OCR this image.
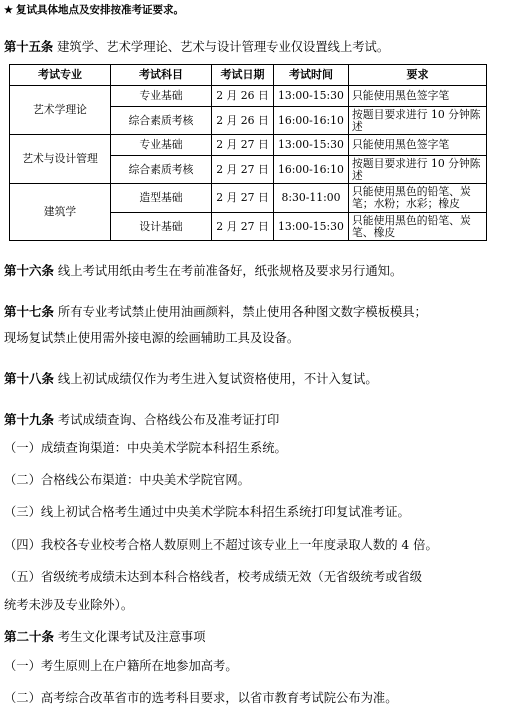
★ 复试具体地点及安排按准考证要求。
第十五条 建筑学、艺术学理论、艺术与设计管理专业仅设置线上考试。
考试专业	考试科目	考试日期	考试时间	要求
艺术学理论	专业基础	2 月 26 日	13:00-15:30	只能使用黑色签字笔
	综合素质考核	2 月 26 日	16:00-16:10	按题目要求进行 10 分钟陈述
艺术与设计管理	专业基础	2 月 27 日	13:00-15:30	只能使用黑色签字笔
	综合素质考核	2 月 27 日	16:00-16:10	按题目要求进行 10 分钟陈述
建筑学	造型基础	2 月 27 日	8:30-11:00	只能使用黑色的铅笔、炭笔；水粉；水彩；橡皮
	设计基础	2 月 27 日	13:00-15:30	只能使用黑色的铅笔、炭笔、橡皮
第十六条 线上考试用纸由考生在考前准备好，纸张规格及要求另行通知。
第十七条 所有专业考试禁止使用油画颜料，禁止使用各种图文数字模板模具；
现场复试禁止使用需外接电源的绘画辅助工具及设备。
第十八条 线上初试成绩仅作为考生进入复试资格使用，不计入复试。
第十九条 考试成绩查询、合格线公布及准考证打印
（一）成绩查询渠道：中央美术学院本科招生系统。
（二）合格线公布渠道：中央美术学院官网。
（三）线上初试合格考生通过中央美术学院本科招生系统打印复试准考证。
（四）我校各专业校考合格人数原则上不超过该专业上一年度录取人数的 4 倍。
（五）省级统考成绩未达到本科合格线者，校考成绩无效（无省级统考或省级
统考未涉及专业除外）。
第二十条 考生文化课考试及注意事项
（一）考生原则上在户籍所在地参加高考。
（二）高考综合改革省市的选考科目要求，以省市教育考试院公布为准。
